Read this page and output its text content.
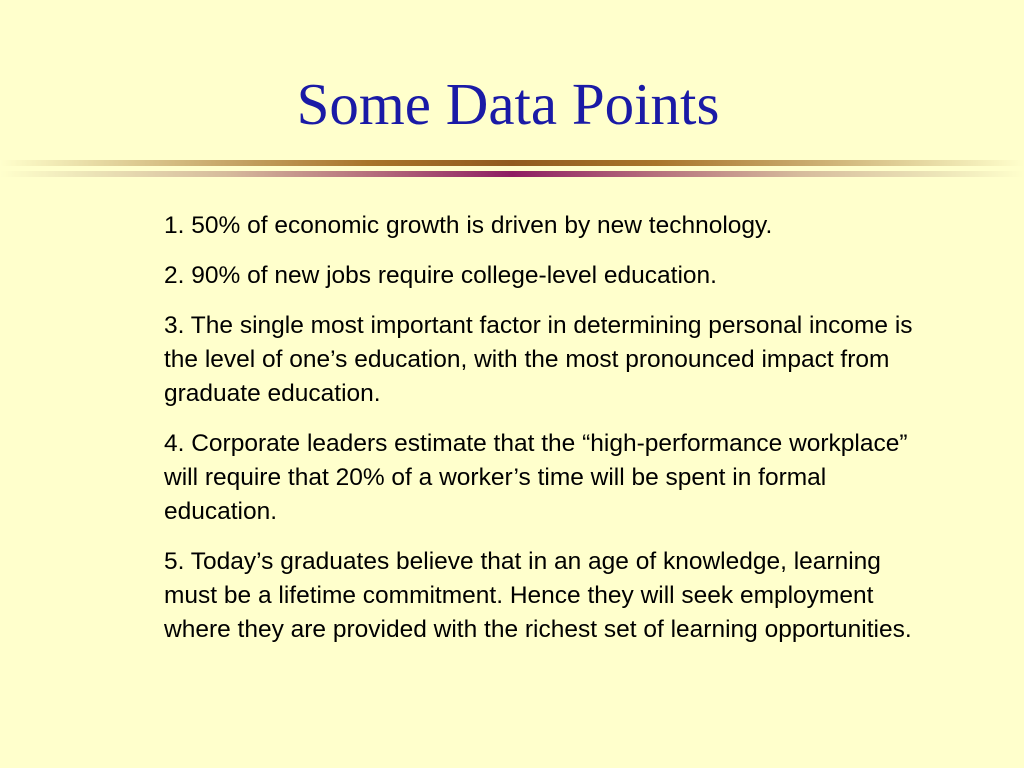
Some Data Points
1. 50% of economic growth is driven by new technology.
2. 90% of new jobs require college-level education.
3. The single most important factor in determining personal income is the level of one’s education, with the most pronounced impact from graduate education.
4. Corporate leaders estimate that the “high-performance workplace” will require that 20% of a worker’s time will be spent in formal education.
5. Today’s graduates believe that in an age of knowledge, learning must be a lifetime commitment. Hence they will seek employment where they are provided with the richest set of learning opportunities.
